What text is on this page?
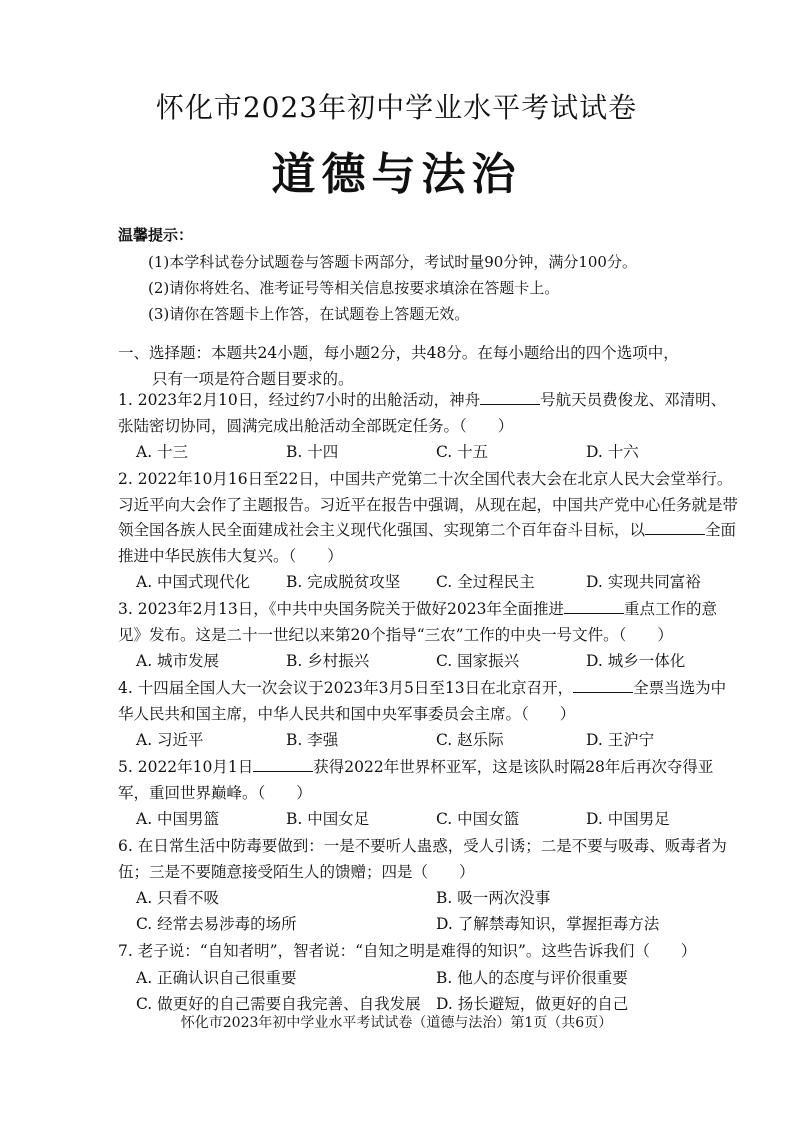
怀化市2023年初中学业水平考试试卷
道德与法治
温馨提示：
(1)本学科试卷分试题卷与答题卡两部分，考试时量90分钟，满分100分。
(2)请你将姓名、准考证号等相关信息按要求填涂在答题卡上。
(3)请你在答题卡上作答，在试题卷上答题无效。
一、选择题：本题共24小题，每小题2分，共48分。在每小题给出的四个选项中，
只有一项是符合题目要求的。
1. 2023年2月10日，经过约7小时的出舱活动，神舟	号航天员费俊龙、邓清明、张陆密切协同，圆满完成出舱活动全部既定任务。（　　）
A. 十三	B. 十四	C. 十五	D. 十六
2. 2022年10月16日至22日，中国共产党第二十次全国代表大会在北京人民大会堂举行。习近平向大会作了主题报告。习近平在报告中强调，从现在起，中国共产党中心任务就是带领全国各族人民全面建成社会主义现代化强国、实现第二个百年奋斗目标，以	全面推进中华民族伟大复兴。（　　）
A. 中国式现代化	B. 完成脱贫攻坚	C. 全过程民主	D. 实现共同富裕
3. 2023年2月13日，《中共中央国务院关于做好2023年全面推进	重点工作的意见》发布。这是二十一世纪以来第20个指导“三农”工作的中央一号文件。（　　）
A. 城市发展	B. 乡村振兴	C. 国家振兴	D. 城乡一体化
4. 十四届全国人大一次会议于2023年3月5日至13日在北京召开，	全票当选为中华人民共和国主席，中华人民共和国中央军事委员会主席。（　　）
A. 习近平	B. 李强	C. 赵乐际	D. 王沪宁
5. 2022年10月1日	获得2022年世界杯亚军，这是该队时隔28年后再次夺得亚军，重回世界巅峰。（　　）
A. 中国男篮	B. 中国女足	C. 中国女篮	D. 中国男足
6. 在日常生活中防毒要做到：一是不要听人蛊惑，受人引诱；二是不要与吸毒、贩毒者为伍；三是不要随意接受陌生人的馈赠；四是（　　）
A. 只看不吸	B. 吸一两次没事
C. 经常去易涉毒的场所	D. 了解禁毒知识，掌握拒毒方法
7. 老子说：“自知者明”，智者说：“自知之明是难得的知识”。这些告诉我们（　　）
A. 正确认识自己很重要	B. 他人的态度与评价很重要
C. 做更好的自己需要自我完善、自我发展 D. 扬长避短，做更好的自己
怀化市2023年初中学业水平考试试卷（道德与法治）第1页（共6页）
